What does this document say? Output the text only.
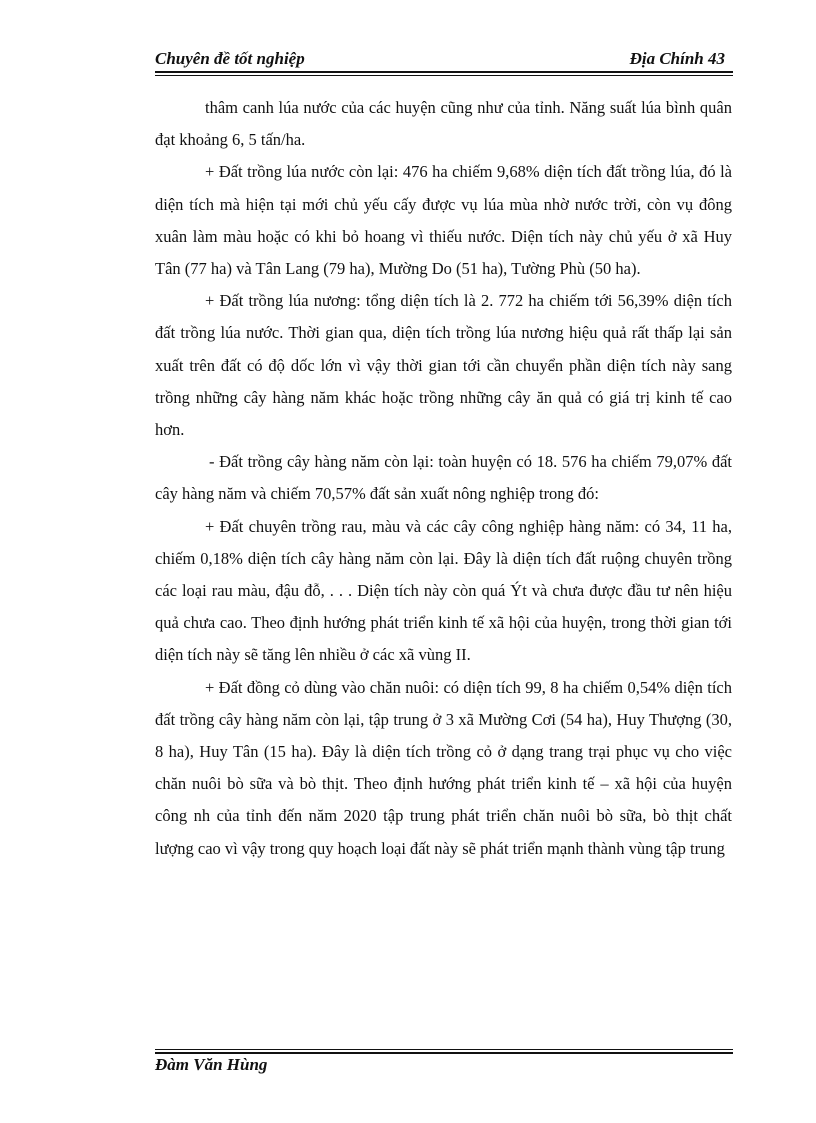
Chuyên đề tốt nghiệp	Địa Chính 43

thâm canh lúa nước của các huyện cũng như của tỉnh. Năng suất lúa bình quân đạt khoảng 6, 5 tấn/ha.

+ Đất trồng lúa nước còn lại: 476 ha chiếm 9,68% diện tích đất trồng lúa, đó là diện tích mà hiện tại mới chủ yếu cấy được vụ lúa mùa nhờ nước trời, còn vụ đông xuân làm màu hoặc có khi bỏ hoang vì thiếu nước. Diện tích này chủ yếu ở xã Huy Tân (77 ha) và Tân Lang (79 ha), Mường Do (51 ha), Tường Phù (50 ha).

+ Đất trồng lúa nương: tổng diện tích là 2. 772 ha chiếm tới 56,39% diện tích đất trồng lúa nước. Thời gian qua, diện tích trồng lúa nương hiệu quả rất thấp lại sản xuất trên đất có độ dốc lớn vì vậy thời gian tới cần chuyển phần diện tích này sang trồng những cây hàng năm khác hoặc trồng những cây ăn quả có giá trị kinh tế cao hơn.

- Đất trồng cây hàng năm còn lại: toàn huyện có 18. 576 ha chiếm 79,07% đất cây hàng năm và chiếm 70,57% đất sản xuất nông nghiệp trong đó:

+ Đất chuyên trồng rau, màu và các cây công nghiệp hàng năm: có 34, 11 ha, chiếm 0,18% diện tích cây hàng năm còn lại. Đây là diện tích đất ruộng chuyên trồng các loại rau màu, đậu đỗ, . . . Diện tích này còn quá Ýt và chưa được đầu tư nên hiệu quả chưa cao. Theo định hướng phát triển kinh tế xã hội của huyện, trong thời gian tới diện tích này sẽ tăng lên nhiều ở các xã vùng II.

+ Đất đồng cỏ dùng vào chăn nuôi: có diện tích 99, 8 ha chiếm 0,54% diện tích đất trồng cây hàng năm còn lại, tập trung ở 3 xã Mường Cơi (54 ha), Huy Thượng (30, 8 ha), Huy Tân (15 ha). Đây là diện tích trồng cỏ ở dạng trang trại phục vụ cho việc chăn nuôi bò sữa và bò thịt. Theo định hướng phát triển kinh tế – xã hội của huyện công nh của tỉnh đến năm 2020 tập trung phát triển chăn nuôi bò sữa, bò thịt chất lượng cao vì vậy trong quy hoạch loại đất này sẽ phát triển mạnh thành vùng tập trung

Đàm Văn Hùng
